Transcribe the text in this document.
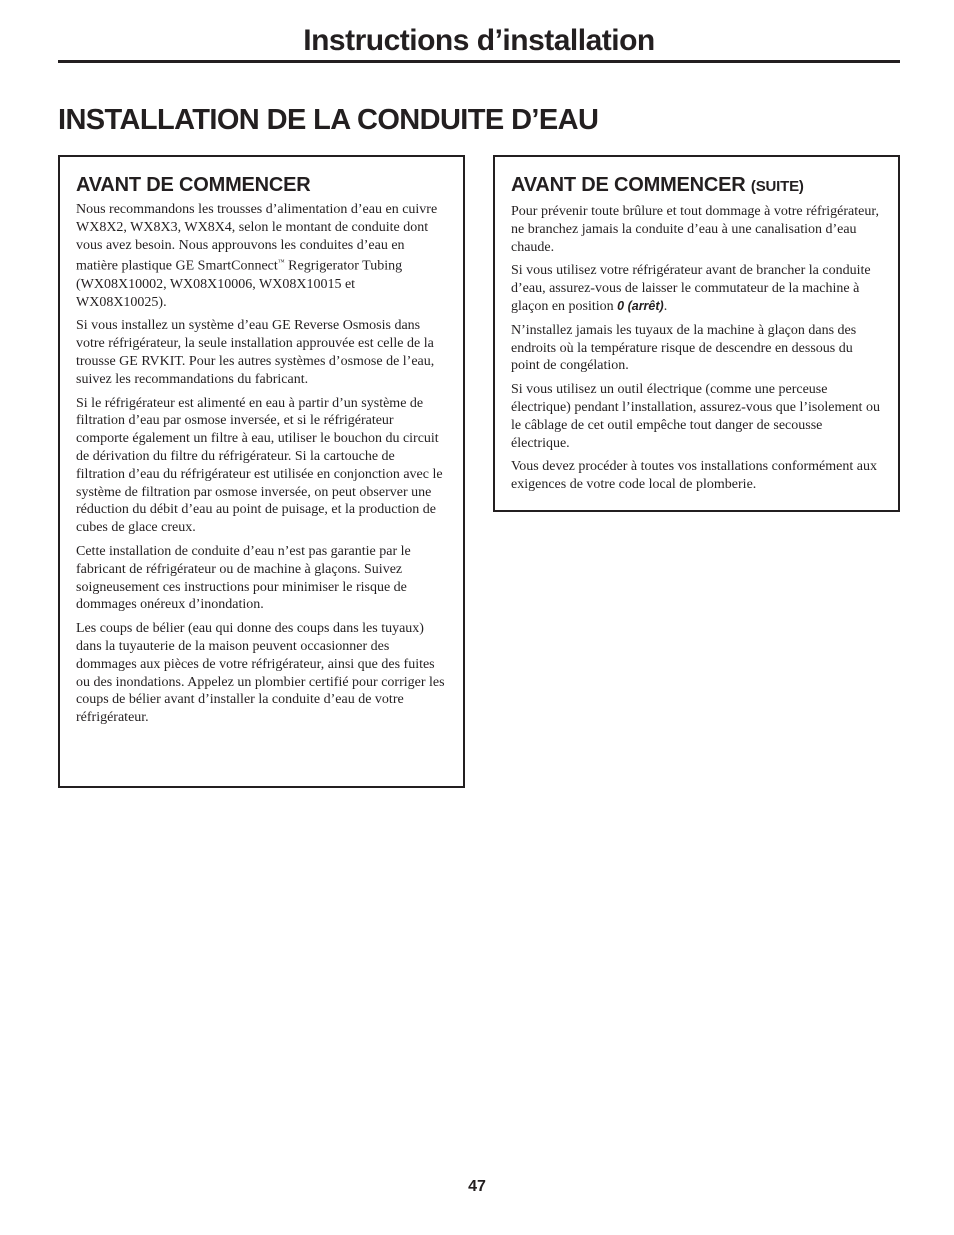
Instructions d’installation
INSTALLATION DE LA CONDUITE D’EAU
AVANT DE COMMENCER

Nous recommandons les trousses d’alimentation d’eau en cuivre WX8X2, WX8X3, WX8X4, selon le montant de conduite dont vous avez besoin. Nous approuvons les conduites d’eau en matière plastique GE SmartConnect™ Regrigerator Tubing (WX08X10002, WX08X10006, WX08X10015 et WX08X10025).

Si vous installez un système d’eau GE Reverse Osmosis dans votre réfrigérateur, la seule installation approuvée est celle de la trousse GE RVKIT. Pour les autres systèmes d’osmose de l’eau, suivez les recommandations du fabricant.

Si le réfrigérateur est alimenté en eau à partir d’un système de filtration d’eau par osmose inversée, et si le réfrigérateur comporte également un filtre à eau, utiliser le bouchon du circuit de dérivation du filtre du réfrigérateur. Si la cartouche de filtration d’eau du réfrigérateur est utilisée en conjonction avec le système de filtration par osmose inversée, on peut observer une réduction du débit d’eau au point de puisage, et la production de cubes de glace creux.

Cette installation de conduite d’eau n’est pas garantie par le fabricant de réfrigérateur ou de machine à glaçons. Suivez soigneusement ces instructions pour minimiser le risque de dommages onéreux d’inondation.

Les coups de bélier (eau qui donne des coups dans les tuyaux) dans la tuyauterie de la maison peuvent occasionner des dommages aux pièces de votre réfrigérateur, ainsi que des fuites ou des inondations. Appelez un plombier certifié pour corriger les coups de bélier avant d’installer la conduite d’eau de votre réfrigérateur.

AVANT DE COMMENCER (SUITE)

Pour prévenir toute brûlure et tout dommage à votre réfrigérateur, ne branchez jamais la conduite d’eau à une canalisation d’eau chaude.

Si vous utilisez votre réfrigérateur avant de brancher la conduite d’eau, assurez-vous de laisser le commutateur de la machine à glaçon en position 0 (arrêt).

N’installez jamais les tuyaux de la machine à glaçon dans des endroits où la température risque de descendre en dessous du point de congélation.

Si vous utilisez un outil électrique (comme une perceuse électrique) pendant l’installation, assurez-vous que l’isolement ou le câblage de cet outil empêche tout danger de secousse électrique.

Vous devez procéder à toutes vos installations conformément aux exigences de votre code local de plomberie.

47
